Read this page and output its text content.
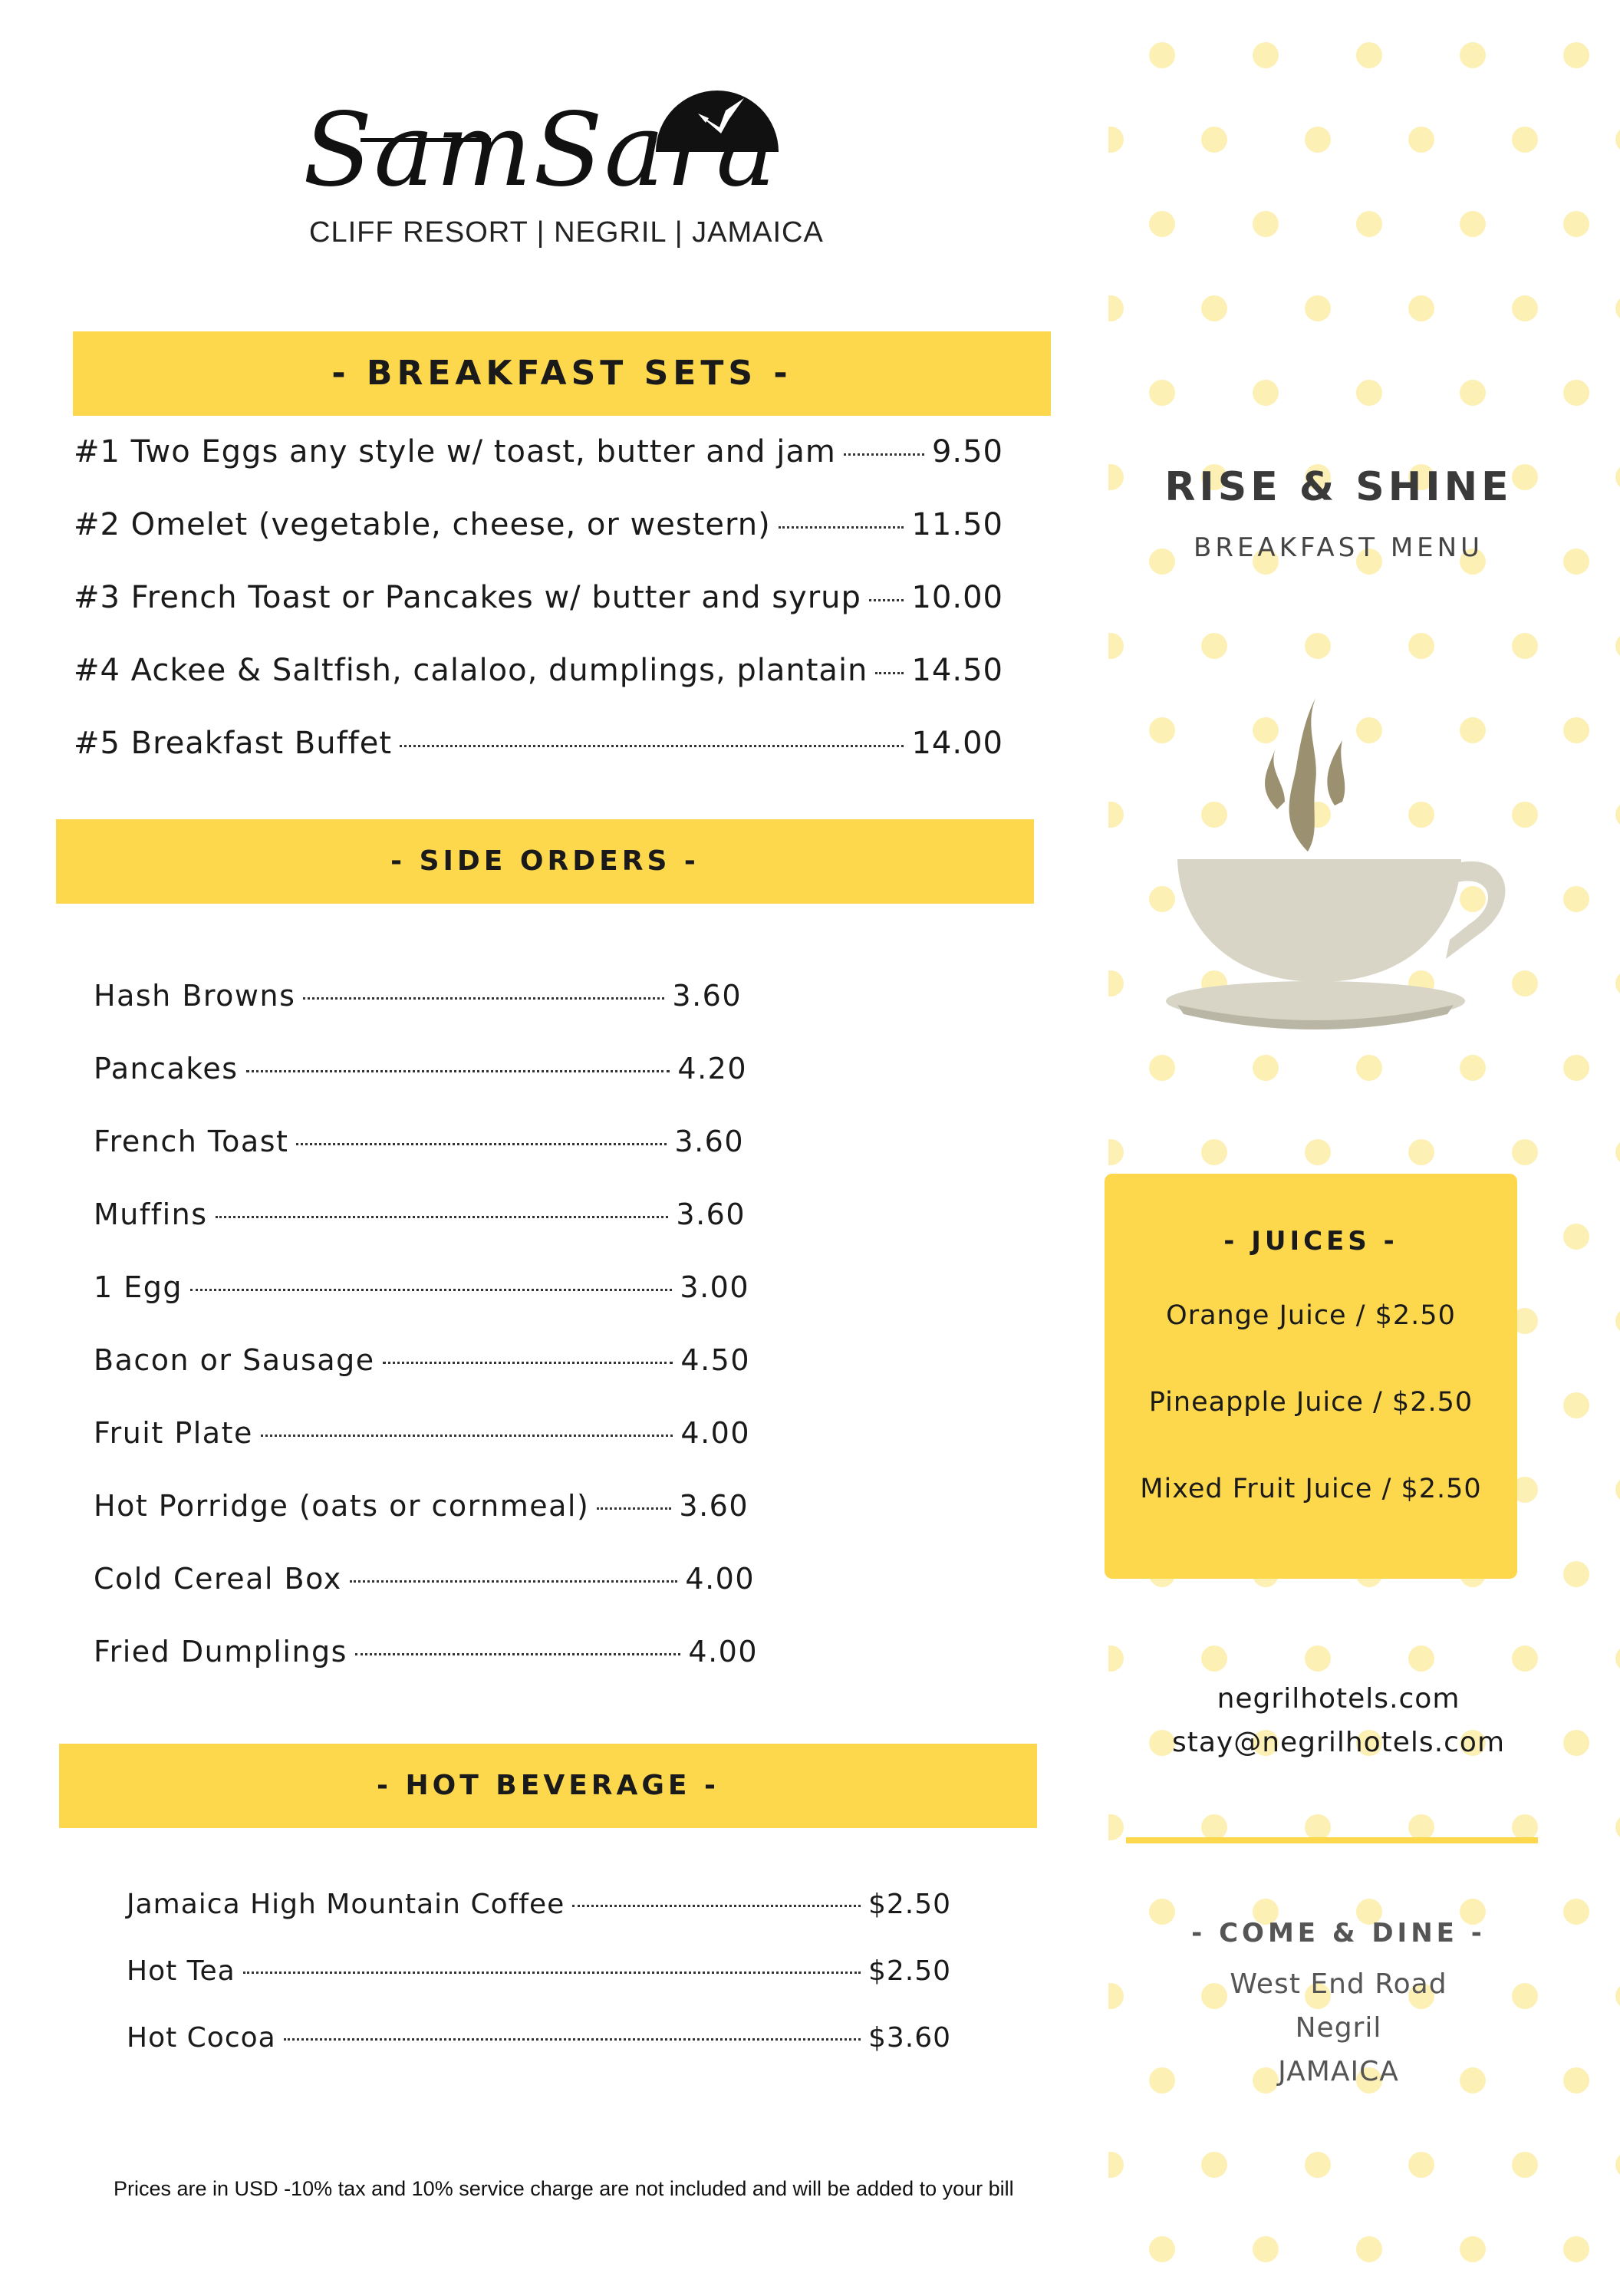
SamSara
CLIFF RESORT | NEGRIL | JAMAICA
- BREAKFAST SETS -
#1 Two Eggs any style w/ toast, butter and jam	9.50
#2 Omelet (vegetable, cheese, or western)	11.50
#3 French Toast or Pancakes w/ butter and syrup 10.00
#4 Ackee & Saltfish, calaloo, dumplings, plantain 14.50
#5 Breakfast Buffet	14.00
- SIDE ORDERS -
Hash Browns	3.60
Pancakes	4.20
French Toast	3.60
Muffins	3.60
1 Egg	3.00
Bacon or Sausage	4.50
Fruit Plate	4.00
Hot Porridge (oats or cornmeal)	3.60
Cold Cereal Box	4.00
Fried Dumplings	4.00
- HOT BEVERAGE -
Jamaica High Mountain Coffee	$2.50
Hot Tea	$2.50
Hot Cocoa	$3.60
Prices are in USD -10% tax and 10% service charge are not included and will be added to your bill
RISE & SHINE
BREAKFAST MENU
- JUICES -
Orange Juice / $2.50
Pineapple Juice / $2.50
Mixed Fruit Juice / $2.50
negrilhotels.com
stay@negrilhotels.com
- COME & DINE -
West End Road
Negril
JAMAICA
